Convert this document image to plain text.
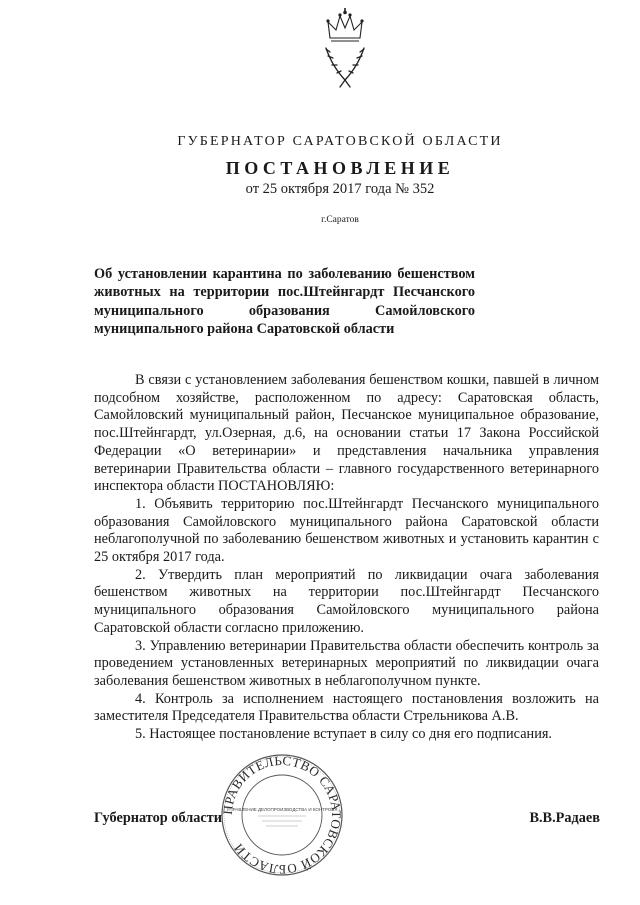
ГУБЕРНАТОР САРАТОВСКОЙ ОБЛАСТИ
ПОСТАНОВЛЕНИЕ
от 25 октября 2017 года № 352
г.Саратов
Об установлении карантина по заболеванию бешенством животных на территории пос.Штейнгардт Песчанского муниципального образования Самойловского муниципального района Саратовской области

В связи с установлением заболевания бешенством кошки, павшей в личном подсобном хозяйстве, расположенном по адресу: Саратовская область, Самойловский муниципальный район, Песчанское муниципальное образование, пос.Штейнгардт, ул.Озерная, д.6, на основании статьи 17 Закона Российской Федерации «О ветеринарии» и представления начальника управления ветеринарии Правительства области – главного государственного ветеринарного инспектора области ПОСТАНОВЛЯЮ:

1. Объявить территорию пос.Штейнгардт Песчанского муниципального образования Самойловского муниципального района Саратовской области неблагополучной по заболеванию бешенством животных и установить карантин с 25 октября 2017 года.

2. Утвердить план мероприятий по ликвидации очага заболевания бешенством животных на территории пос.Штейнгардт Песчанского муниципального образования Самойловского муниципального района Саратовской области согласно приложению.

3. Управлению ветеринарии Правительства области обеспечить контроль за проведением установленных ветеринарных мероприятий по ликвидации очага заболевания бешенством животных в неблагополучном пункте.

4. Контроль за исполнением настоящего постановления возложить на заместителя Председателя Правительства области Стрельникова А.В.

5. Настоящее постановление вступает в силу со дня его подписания.

ПРАВИТЕЛЬСТВО САРАТОВСКОЙ ОБЛАСТИ
УПРАВЛЕНИЕ ДЕЛОПРОИЗВОДСТВА И КОНТРОЛЯ
Губернатор области	В.В.Радаев
